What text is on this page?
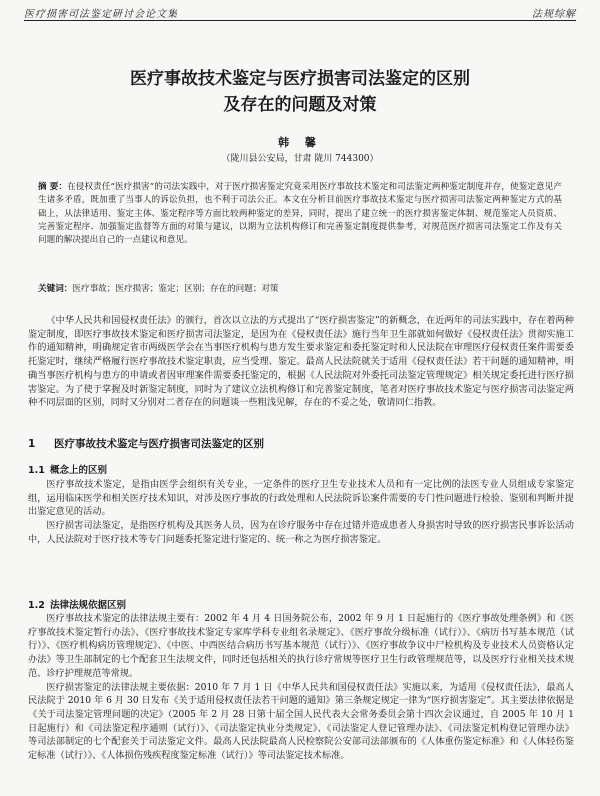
医疗损害司法鉴定研讨会论文集	法规综解
医疗事故技术鉴定与医疗损害司法鉴定的区别
及存在的问题及对策
韩 馨
（陇川县公安局，甘肃 陇川 744300）
摘 要：在侵权责任“医疗损害”的司法实践中，对于医疗损害鉴定究竟采用医疗事故技术鉴定和司法鉴定两种鉴定制度并存，使鉴定意见产生诸多矛盾，既加重了当事人的诉讼负担，也不利于司法公正。本文在分析目前医疗事故技术鉴定与医疗损害司法鉴定两种鉴定方式的基础上，从法律适用、鉴定主体、鉴定程序等方面比较两种鉴定的差异，同时，提出了建立统一的医疗损害鉴定体制、规范鉴定人员资质、完善鉴定程序、加强鉴定监督等方面的对策与建议，以期为立法机构修订和完善鉴定制度提供参考，对规范医疗损害司法鉴定工作及有关问题的解决提出自己的一点建议和意见。
关键词：医疗事故；医疗损害；鉴定；区别；存在的问题；对策

《中华人民共和国侵权责任法》的颁行，首次以立法的方式提出了“医疗损害鉴定”的新概念，在近两年的司法实践中，存在着两种鉴定制度，即医疗事故技术鉴定和医疗损害司法鉴定，是因为在《侵权责任法》施行当年卫生部就如何做好《侵权责任法》贯彻实施工作的通知精神，明确规定省市两级医学会在当事医疗机构与患方发生要求鉴定和委托鉴定时和人民法院在审理医疗侵权责任案件需要委托鉴定时，继续严格履行医疗事故技术鉴定职责，应当受理、鉴定。最高人民法院就关于适用《侵权责任法》若干问题的通知精神，明确当事医疗机构与患方的申请或者因审理案件需要委托鉴定的，根据《人民法院对外委托司法鉴定管理规定》相关规定委托进行医疗损害鉴定。为了使于掌握及时新鉴定制度，同时为了建议立法机构修订和完善鉴定制度，笔者对医疗事故技术鉴定与医疗损害司法鉴定两种不同层面的区别，同时又分别对二者存在的问题谈一些粗浅见解，存在的不妥之处，敬请同仁指教。

1 医疗事故技术鉴定与医疗损害司法鉴定的区别
1.1 概念上的区别

医疗事故技术鉴定，是指由医学会组织有关专业，一定条件的医疗卫生专业技术人员和有一定比例的法医专业人员组成专家鉴定组，运用临床医学和相关医疗技术知识，对涉及医疗事故的行政处理和人民法院诉讼案件需要的专门性问题进行检验、鉴别和判断并提出鉴定意见的活动。

医疗损害司法鉴定，是指医疗机构及其医务人员，因为在诊疗服务中存在过错并造成患者人身损害时导致的医疗损害民事诉讼活动中，人民法院对于医疗技术等专门问题委托鉴定进行鉴定的、统一称之为医疗损害鉴定。

1.2 法律法规依据区别

医疗事故技术鉴定的法律法规主要有：2002 年 4 月 4 日国务院公布，2002 年 9 月 1 日起施行的《医疗事故处理条例》和《医疗事故技术鉴定暂行办法》、《医疗事故技术鉴定专家库学科专业组名录规定》、《医疗事故分级标准（试行）》、《病历书写基本规范（试行）》、《医疗机构病历管理规定》、《中医、中西医结合病历书写基本规范（试行）》、《医疗事故争议中尸检机构及专业技术人员资格认定办法》等卫生部制定的七个配套卫生法规文件，同时还包括相关的执行诊疗常规等医疗卫生行政管理规范等，以及医疗行业相关技术规范、诊疗护理规范等常规。

医疗损害鉴定的法律法规主要依据：2010 年 7 月 1 日《中华人民共和国侵权责任法》实施以来，为适用《侵权责任法》，最高人民法院于 2010 年 6 月 30 日发布《关于适用侵权责任法若干问题的通知》第三条规定规定一律为“医疗损害鉴定”。其主要法律依据是《关于司法鉴定管理问题的决定》（2005 年 2 月 28 日第十届全国人民代表大会常务委员会第十四次会议通过，自 2005 年 10 月 1 日起施行）和《司法鉴定程序通则（试行）》、《司法鉴定执业分类规定》、《司法鉴定人登记管理办法》、《司法鉴定机构登记管理办法》等司法部制定的七个配套关于司法鉴定文件。最高人民法院最高人民检察院公安部司法部颁布的《人体重伤鉴定标准》和《人体轻伤鉴定标准（试行）》、《人体损伤残疾程度鉴定标准（试行）》等司法鉴定技术标准。
